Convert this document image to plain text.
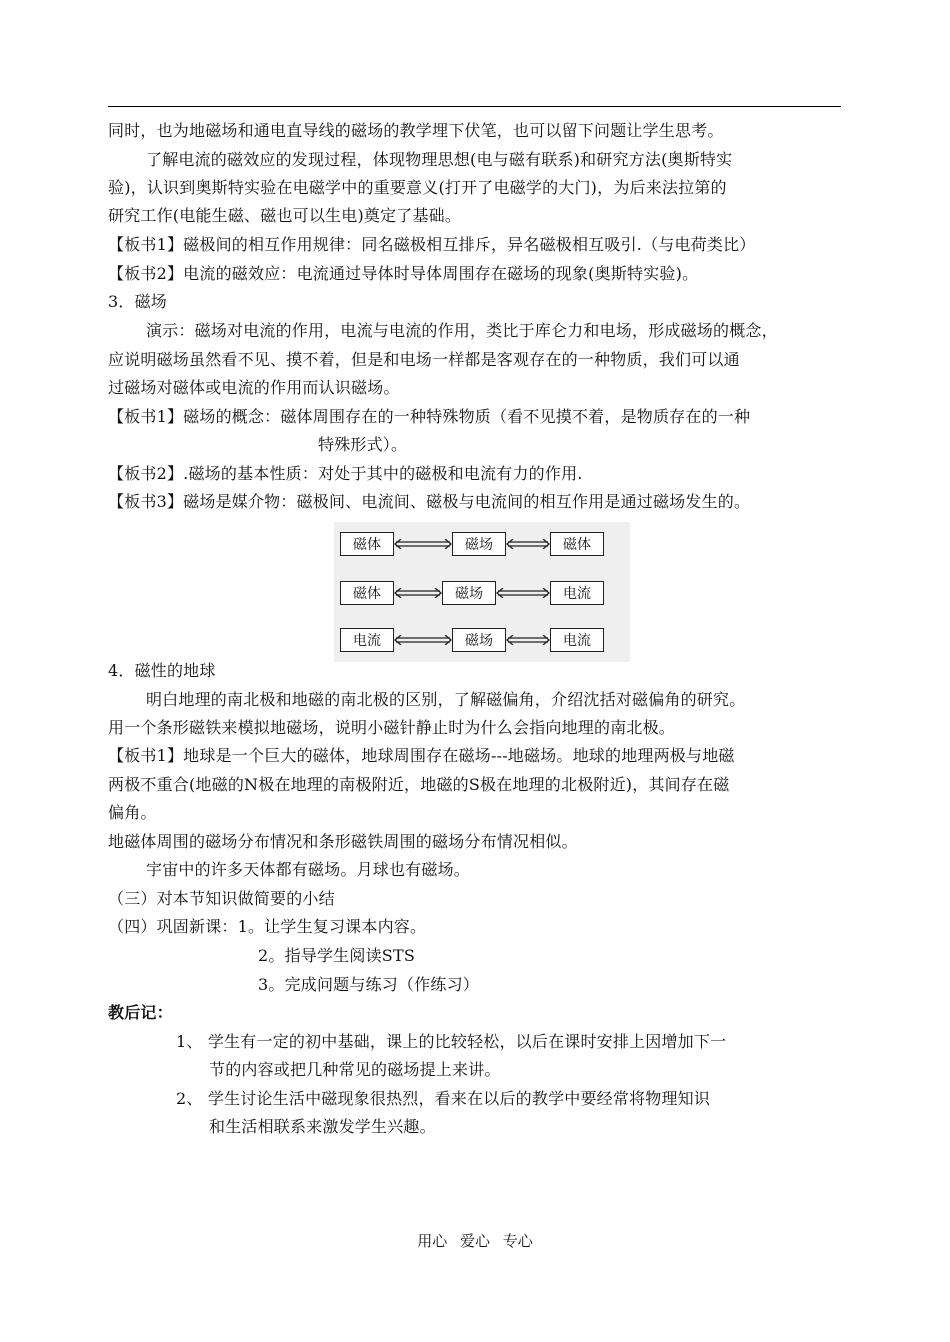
同时，也为地磁场和通电直导线的磁场的教学埋下伏笔，也可以留下问题让学生思考。
了解电流的磁效应的发现过程，体现物理思想(电与磁有联系)和研究方法(奥斯特实
验)，认识到奥斯特实验在电磁学中的重要意义(打开了电磁学的大门)，为后来法拉第的
研究工作(电能生磁、磁也可以生电)奠定了基础。
【板书1】磁极间的相互作用规律：同名磁极相互排斥，异名磁极相互吸引.（与电荷类比）
【板书2】电流的磁效应：电流通过导体时导体周围存在磁场的现象(奥斯特实验)。
3．磁场
演示：磁场对电流的作用，电流与电流的作用，类比于库仑力和电场，形成磁场的概念，
应说明磁场虽然看不见、摸不着，但是和电场一样都是客观存在的一种物质，我们可以通
过磁场对磁体或电流的作用而认识磁场。
【板书1】磁场的概念：磁体周围存在的一种特殊物质（看不见摸不着，是物质存在的一种
特殊形式）。
【板书2】.磁场的基本性质：对处于其中的磁极和电流有力的作用.
【板书3】磁场是媒介物：磁极间、电流间、磁极与电流间的相互作用是通过磁场发生的。
磁体	磁场	磁体
磁体	磁场	电流
电流	磁场	电流
4．磁性的地球
明白地理的南北极和地磁的南北极的区别，了解磁偏角，介绍沈括对磁偏角的研究。
用一个条形磁铁来模拟地磁场，说明小磁针静止时为什么会指向地理的南北极。
【板书1】地球是一个巨大的磁体，地球周围存在磁场---地磁场。地球的地理两极与地磁
两极不重合(地磁的N极在地理的南极附近，地磁的S极在地理的北极附近)，其间存在磁
偏角。
地磁体周围的磁场分布情况和条形磁铁周围的磁场分布情况相似。
宇宙中的许多天体都有磁场。月球也有磁场。
（三）对本节知识做简要的小结
（四）巩固新课：1。让学生复习课本内容。
2。指导学生阅读STS
3。完成问题与练习（作练习）
教后记：
1、 学生有一定的初中基础，课上的比较轻松，以后在课时安排上因增加下一
节的内容或把几种常见的磁场提上来讲。
2、 学生讨论生活中磁现象很热烈，看来在以后的教学中要经常将物理知识
和生活相联系来激发学生兴趣。
用心 爱心 专心
